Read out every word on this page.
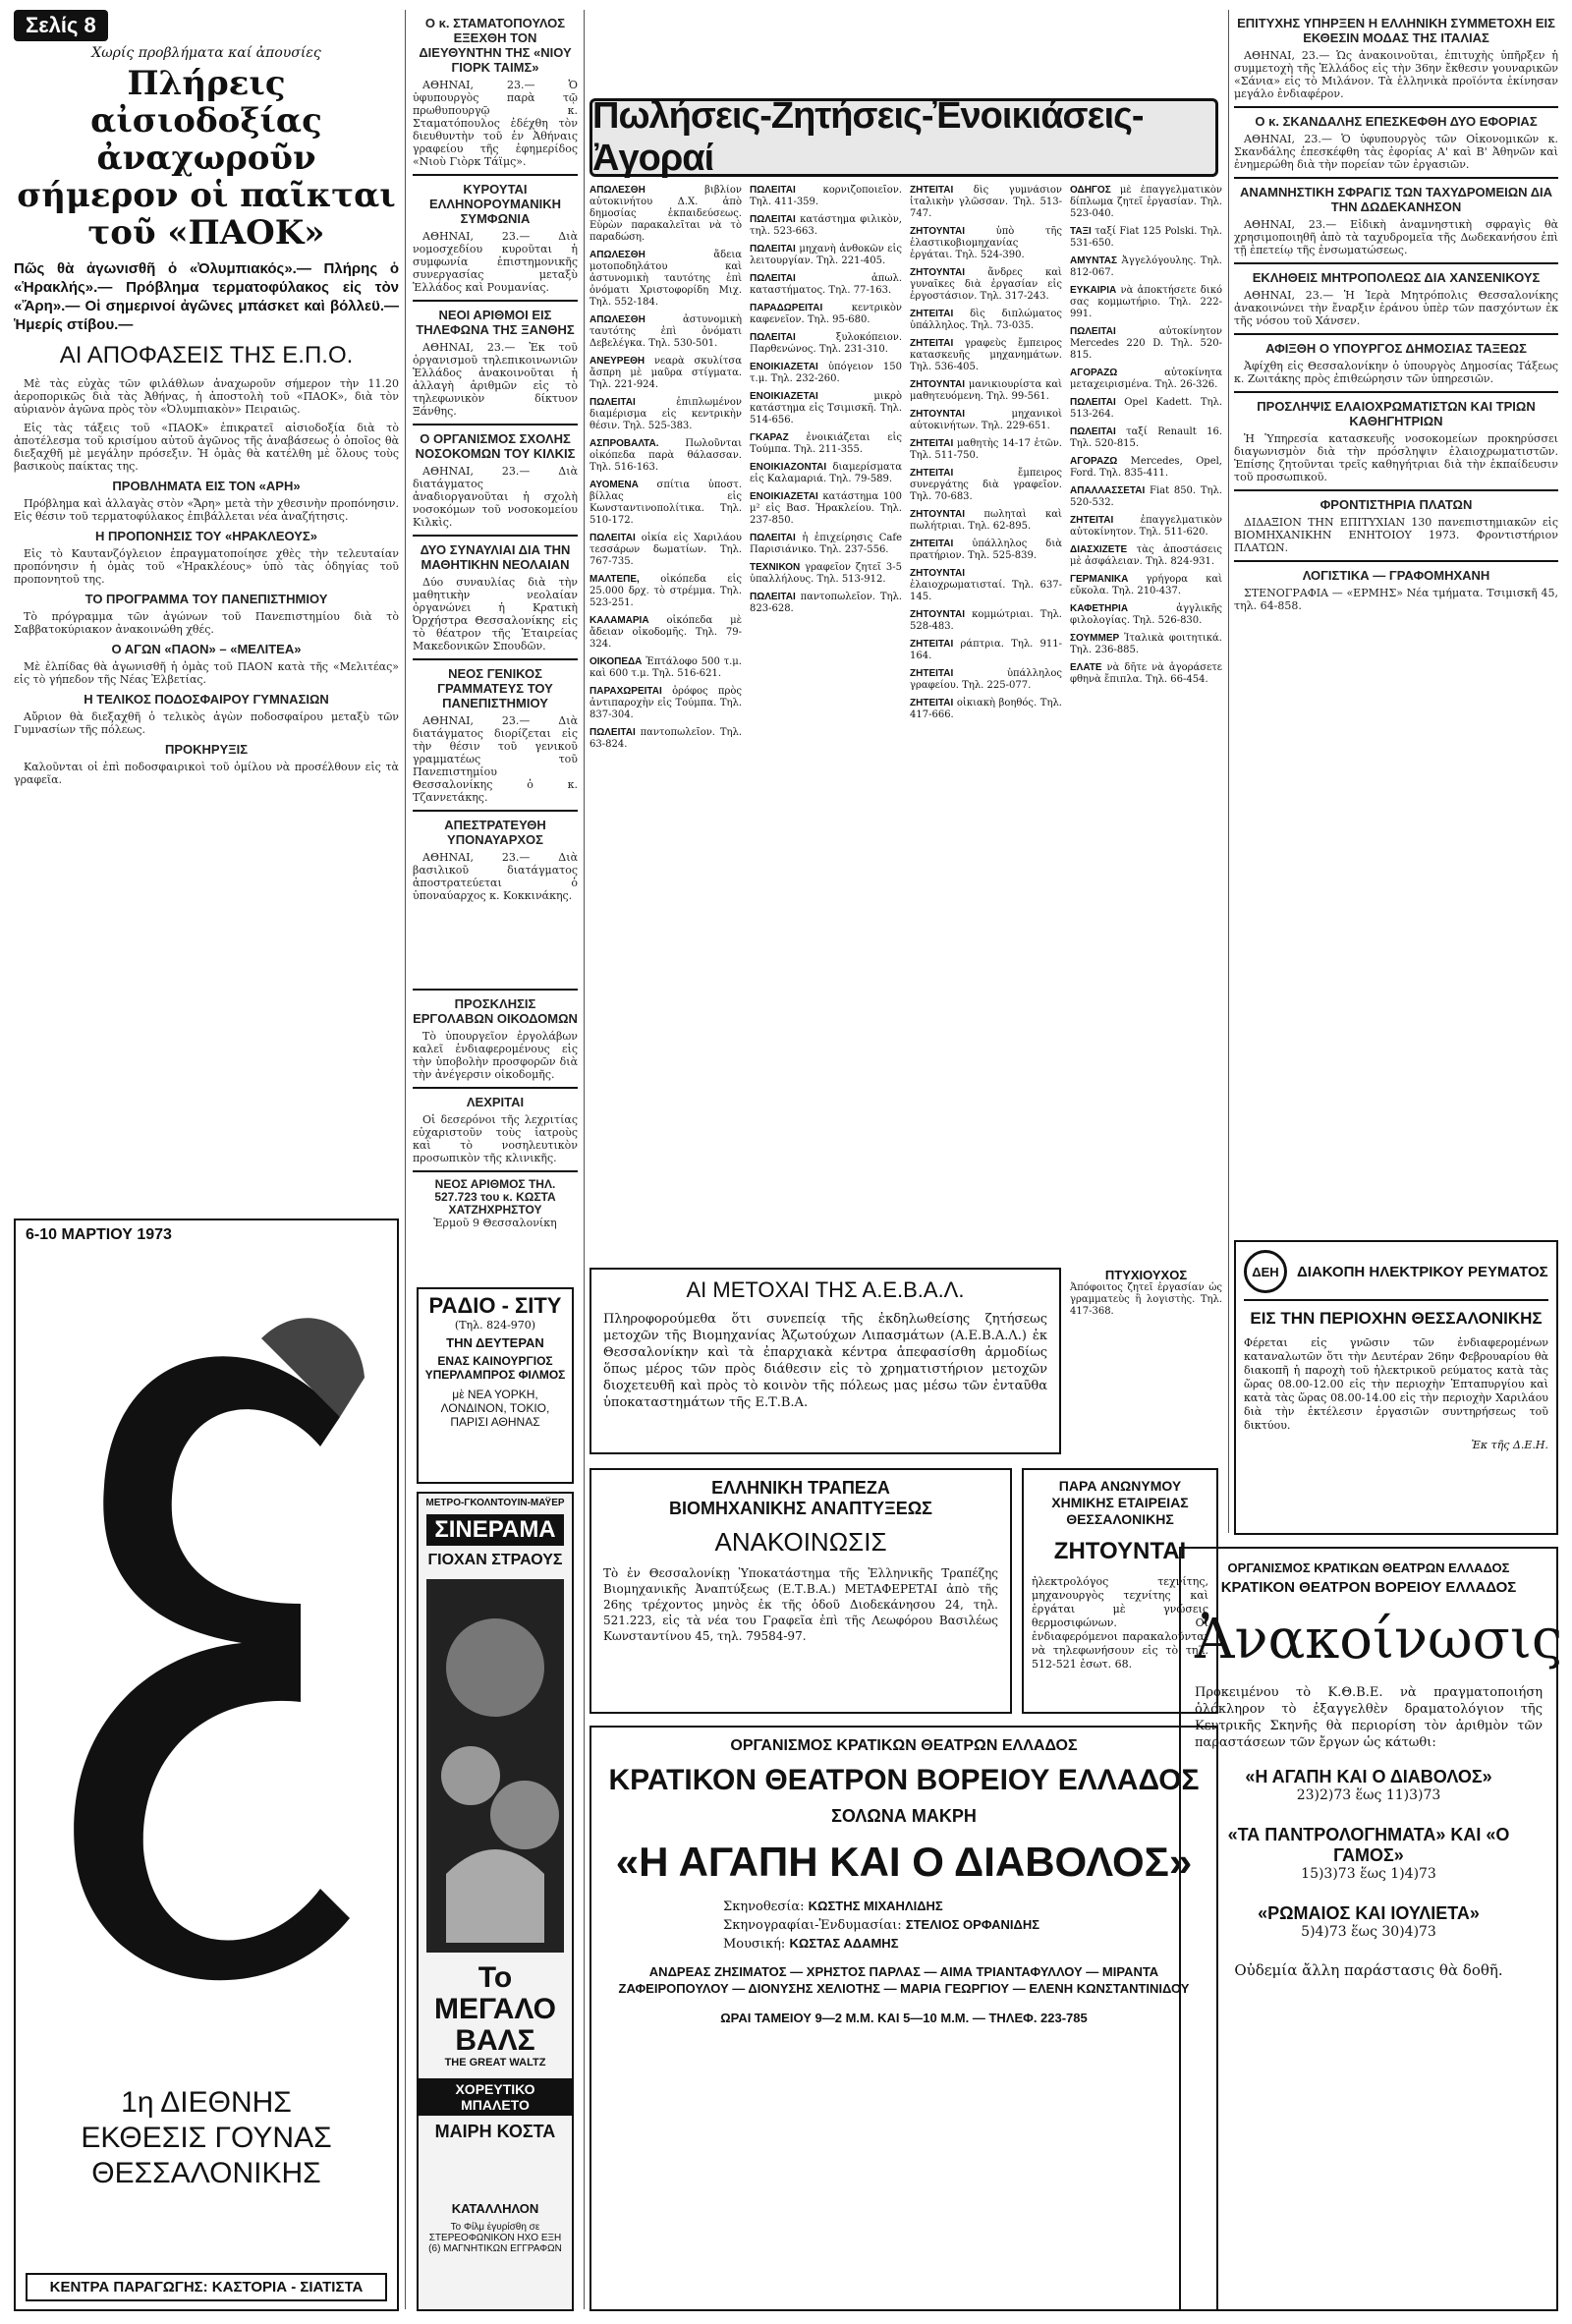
Σελίς 8
Χωρίς προβλήματα καί ἀπουσίες
Πλήρεις αἰσιοδοξίας ἀναχωροῦν σήμερον οἱ παῖκται τοῦ «ΠΑΟΚ»
Πῶς θὰ ἀγωνισθῆ ὁ «Ὀλυμπιακός».— Πλήρης ὁ «Ἡρακλής».— Πρόβλημα τερματοφύλακος εἰς τὸν «Ἄρη».— Οἱ σημερινοί ἀγῶνες μπάσκετ καὶ βόλλεϋ.— Ἡμερίς στίβου.—
ΑΙ ΑΠΟΦΑΣΕΙΣ ΤΗΣ Ε.Π.Ο.

Μὲ τὰς εὐχὰς τῶν φιλάθλων ἀναχωροῦν σήμερον τὴν 11.20 ἀεροπορικῶς διὰ τὰς Ἀθήνας, ἡ ἀποστολὴ τοῦ «ΠΑΟΚ», διὰ τὸν αὐριανὸν ἀγῶνα πρὸς τὸν «Ὀλυμπιακὸν» Πειραιῶς.

Εἰς τὰς τάξεις τοῦ «ΠΑΟΚ» ἐπικρατεῖ αἰσιοδοξία διὰ τὸ ἀποτέλεσμα τοῦ κρισίμου αὐτοῦ ἀγῶνος τῆς ἀναβάσεως ὁ ὁποῖος θὰ διεξαχθῆ μὲ μεγάλην πρόσεξιν. Ἡ ὁμὰς θὰ κατέλθη μὲ ὅλους τοὺς βασικοὺς παίκτας της.

ΠΡΟΒΛΗΜΑΤΑ ΕΙΣ ΤΟΝ «ΑΡΗ»

Πρόβλημα καὶ ἀλλαγὰς στὸν «Ἄρη» μετὰ τὴν χθεσινὴν προπόνησιν. Εἰς θέσιν τοῦ τερματοφύλακος ἐπιβάλλεται νέα ἀναζήτησις.

Η ΠΡΟΠΟΝΗΣΙΣ ΤΟΥ «ΗΡΑΚΛΕΟΥΣ»

Εἰς τὸ Καυτανζόγλειον ἐπραγματοποίησε χθὲς τὴν τελευταίαν προπόνησιν ἡ ὁμὰς τοῦ «Ἡρακλέους» ὑπὸ τὰς ὁδηγίας τοῦ προπονητοῦ της.

ΤΟ ΠΡΟΓΡΑΜΜΑ ΤΟΥ ΠΑΝΕΠΙΣΤΗΜΙΟΥ

Τὸ πρόγραμμα τῶν ἀγώνων τοῦ Πανεπιστημίου διὰ τὸ Σαββατοκύριακον ἀνακοινώθη χθές.

Ο ΑΓΩΝ «ΠΑΟΝ» – «ΜΕΛΙΤΕΑ»

Μὲ ἐλπίδας θὰ ἀγωνισθῆ ἡ ὁμὰς τοῦ ΠΑΟΝ κατὰ τῆς «Μελιτέας» εἰς τὸ γήπεδον τῆς Νέας Ἐλβετίας.

Η ΤΕΛΙΚΟΣ ΠΟΔΟΣΦΑΙΡΟΥ ΓΥΜΝΑΣΙΩΝ

Αὔριον θὰ διεξαχθῆ ὁ τελικὸς ἀγὼν ποδοσφαίρου μεταξὺ τῶν Γυμνασίων τῆς πόλεως.

ΠΡΟΚΗΡΥΞΙΣ

Καλοῦνται οἱ ἐπὶ ποδοσφαιρικοὶ τοῦ ὁμίλου νὰ προσέλθουν εἰς τὰ γραφεῖα.

6-10 ΜΑΡΤΙΟΥ 1973
1η ΔΙΕΘΝΗΣ ΕΚΘΕΣΙΣ ΓΟΥΝΑΣ ΘΕΣΣΑΛΟΝΙΚΗΣ
ΚΕΝΤΡΑ ΠΑΡΑΓΩΓΗΣ: ΚΑΣΤΟΡΙΑ - ΣΙΑΤΙΣΤΑ
Ο κ. ΣΤΑΜΑΤΟΠΟΥΛΟΣ ΕΞΕΧΘΗ ΤΟΝ ΔΙΕΥΘΥΝΤΗΝ ΤΗΣ «ΝΙΟΥ ΓΙΟΡΚ ΤΑΙΜΣ»

ΑΘΗΝΑΙ, 23.— Ὁ ὑφυπουργὸς παρὰ τῷ πρωθυπουργῷ κ. Σταματόπουλος ἐδέχθη τὸν διευθυντὴν τοῦ ἐν Ἀθήναις γραφείου τῆς ἐφημερίδος «Νιοὺ Γιὸρκ Τάϊμς».

ΚΥΡΟΥΤΑΙ ΕΛΛΗΝΟΡΟΥΜΑΝΙΚΗ ΣΥΜΦΩΝΙΑ

ΑΘΗΝΑΙ, 23.— Διὰ νομοσχεδίου κυροῦται ἡ συμφωνία ἐπιστημονικῆς συνεργασίας μεταξὺ Ἑλλάδος καὶ Ρουμανίας.

ΝΕΟΙ ΑΡΙΘΜΟΙ ΕΙΣ ΤΗΛΕΦΩΝΑ ΤΗΣ ΞΑΝΘΗΣ

ΑΘΗΝΑΙ, 23.— Ἐκ τοῦ ὀργανισμοῦ τηλεπικοινωνιῶν Ἑλλάδος ἀνακοινοῦται ἡ ἀλλαγὴ ἀριθμῶν εἰς τὸ τηλεφωνικὸν δίκτυον Ξάνθης.

Ο ΟΡΓΑΝΙΣΜΟΣ ΣΧΟΛΗΣ ΝΟΣΟΚΟΜΩΝ ΤΟΥ ΚΙΛΚΙΣ

ΑΘΗΝΑΙ, 23.— Διὰ διατάγματος ἀναδιοργανοῦται ἡ σχολὴ νοσοκόμων τοῦ νοσοκομείου Κιλκὶς.

ΔΥΟ ΣΥΝΑΥΛΙΑΙ ΔΙΑ ΤΗΝ ΜΑΘΗΤΙΚΗΝ ΝΕΟΛΑΙΑΝ

Δύο συναυλίας διὰ τὴν μαθητικὴν νεολαίαν ὀργανώνει ἡ Κρατικὴ Ὀρχήστρα Θεσσαλονίκης εἰς τὸ θέατρον τῆς Ἑταιρείας Μακεδονικῶν Σπουδῶν.

ΝΕΟΣ ΓΕΝΙΚΟΣ ΓΡΑΜΜΑΤΕΥΣ ΤΟΥ ΠΑΝΕΠΙΣΤΗΜΙΟΥ

ΑΘΗΝΑΙ, 23.— Διὰ διατάγματος διορίζεται εἰς τὴν θέσιν τοῦ γενικοῦ γραμματέως τοῦ Πανεπιστημίου Θεσσαλονίκης ὁ κ. Τζαννετάκης.

ΑΠΕΣΤΡΑΤΕΥΘΗ ΥΠΟΝΑΥΑΡΧΟΣ

ΑΘΗΝΑΙ, 23.— Διὰ βασιλικοῦ διατάγματος ἀποστρατεύεται ὁ ὑποναύαρχος κ. Κοκκινάκης.

ΠΡΟΣΚΛΗΣΙΣ ΕΡΓΟΛΑΒΩΝ ΟΙΚΟΔΟΜΩΝ

Τὸ ὑπουργεῖον ἐργολάβων καλεῖ ἐνδιαφερομένους εἰς τὴν ὑποβολὴν προσφορῶν διὰ τὴν ἀνέγερσιν οἰκοδομῆς.

ΛΕΧΡΙΤΑΙ

Οἱ δεσερόνοι τῆς λεχριτίας εὐχαριστοῦν τοὺς ἰατροὺς καὶ τὸ νοσηλευτικὸν προσωπικὸν τῆς κλινικῆς.

ΝΕΟΣ ΑΡΙΘΜΟΣ ΤΗΛ. 527.723 του κ. ΚΩΣΤΑ ΧΑΤΖΗΧΡΗΣΤΟΥ
Ἑρμοῦ 9 Θεσσαλονίκη
ΡΑΔΙΟ - ΣΙΤΥ
(Τηλ. 824-970)
ΤΗΝ ΔΕΥΤΕΡΑΝ
ΕΝΑΣ ΚΑΙΝΟΥΡΓΙΟΣ ΥΠΕΡΛΑΜΠΡΟΣ ΦΙΛΜΟΣ
μὲ ΝΕΑ ΥΟΡΚΗ, ΛΟΝΔΙΝΟΝ, ΤΟΚΙΟ, ΠΑΡΙΣΙ ΑΘΗΝΑΣ
ΜΕΤΡΟ-ΓΚΟΛΝΤΟΥΙΝ-ΜΑΫΕΡ
ΣΙΝΕΡΑΜΑ
ΓΙΟΧΑΝ ΣΤΡΑΟΥΣ
Το ΜΕΓΑΛΟ ΒΑΛΣ
THE GREAT WALTZ
ΧΟΡΕΥΤΙΚΟ ΜΠΑΛΕΤΟ
ΜΑΙΡΗ ΚΟΣΤΑ
ΚΑΤΑΛΛΗΛΟΝ
Το Φίλμ ἐγυρίσθη σε ΣΤΕΡΕΟΦΩΝΙΚΟΝ ΗΧΟ ΕΞΗ (6) ΜΑΓΝΗΤΙΚΩΝ ΕΓΓΡΑΦΩΝ
Πωλήσεις-Ζητήσεις-Ἐνοικιάσεις-Ἀγοραί
ΑΠΩΛΕΣΘΗ	βιβλίον αὐτοκινήτου Δ.Χ. ἀπὸ δημοσίας ἐκπαιδεύσεως. Εὑρὼν παρακαλεῖται νὰ τὸ παραδώση.
ΑΠΩΛΕΣΘΗ	ἄδεια μοτοποδηλάτου καὶ ἀστυνομικὴ ταυτότης ἐπὶ ὀνόματι Χριστοφορίδη Μιχ. Τηλ. 552-184.
ΑΠΩΛΕΣΘΗ	ἀστυνομικὴ ταυτότης ἐπὶ ὀνόματι Δεβελέγκα. Τηλ. 530-501.
ΑΝΕΥΡΕΘΗ νεαρὰ σκυλίτσα ἄσπρη μὲ μαῦρα στίγματα. Τηλ. 221-924.
ΠΩΛΕΙΤΑΙ	ἐπιπλωμένον διαμέρισμα εἰς κεντρικὴν θέσιν. Τηλ. 525-383.
ΑΣΠΡΟΒΑΛΤΑ.	Πωλοῦνται οἰκόπεδα παρὰ θάλασσαν. Τηλ. 516-163.
ΑΥΟΜΕΝΑ σπίτια ὑποστ. βίλλας εἰς Κωνσταντινοπολίτικα. Τηλ. 510-172.
ΠΩΛΕΙΤΑΙ οἰκία εἰς Χαριλάου τεσσάρων δωματίων. Τηλ. 767-735.
ΜΑΛΤΕΠΕ, οἰκόπεδα εἰς 25.000 δρχ. τὸ στρέμμα. Τηλ. 523-251.
ΚΑΛΑΜΑΡΙΑ οἰκόπεδα μὲ ἄδειαν οἰκοδομῆς. Τηλ. 79-324.
ΟΙΚΟΠΕΔΑ Ἐπτάλοφο 500 τ.μ. καὶ 600 τ.μ. Τηλ. 516-621.
ΠΑΡΑΧΩΡΕΙΤΑΙ ὁρόφος πρὸς ἀντιπαροχὴν εἰς Τούμπα. Τηλ. 837-304.
ΠΩΛΕΙΤΑΙ παντοπωλεῖον. Τηλ. 63-824.
ΠΩΛΕΙΤΑΙ	κορνιζοποιεῖον. Τηλ. 411-359.
ΠΩΛΕΙΤΑΙ κατάστημα φιλικὸν, τηλ. 523-663.
ΠΩΛΕΙΤΑΙ μηχανὴ ἀνθοκῶν εἰς λειτουργίαν. Τηλ. 221-405.
ΠΩΛΕΙΤΑΙ	ἀπωλ. καταστήματος. Τηλ. 77-163.
ΠΑΡΑΔΩΡΕΙΤΑΙ	κεντρικὸν καφενεῖον. Τηλ. 95-680.
ΠΩΛΕΙΤΑΙ	ξυλοκόπειον. Παρθενώνος. Τηλ. 231-310.
ΕΝΟΙΚΙΑΖΕΤΑΙ ὑπόγειον 150 τ.μ. Τηλ. 232-260.
ΕΝΟΙΚΙΑΖΕΤΑΙ	μικρὸ κατάστημα εἰς Τσιμισκῆ. Τηλ. 514-656.
ΓΚΑΡΑΖ ἐνοικιάζεται εἰς Τούμπα. Τηλ. 211-355.
ΕΝΟΙΚΙΑΖΟΝΤΑΙ διαμερίσματα εἰς Καλαμαριά. Τηλ. 79-589.
ΕΝΟΙΚΙΑΖΕΤΑΙ κατάστημα 100 μ² εἰς Βασ. Ἠρακλείου. Τηλ. 237-850.
ΠΩΛΕΙΤΑΙ ἡ ἐπιχείρησις Cafe Παρισιάνικο. Τηλ. 237-556.
ΤΕΧΝΙΚΟΝ γραφεῖον ζητεῖ 3-5 ὑπαλλήλους. Τηλ. 513-912.
ΠΩΛΕΙΤΑΙ παντοπωλεῖον. Τηλ. 823-628.
ΖΗΤΕΙΤΑΙ δὶς γυμνάσιον ἰταλικὴν γλῶσσαν. Τηλ. 513-747.
ΖΗΤΟΥΝΤΑΙ	ὑπὸ τῆς ἐλαστικοβιομηχανίας ἐργάται. Τηλ. 524-390.
ΖΗΤΟΥΝΤΑΙ ἄνδρες καὶ γυναῖκες διὰ ἐργασίαν εἰς ἐργοστάσιον. Τηλ. 317-243.
ΖΗΤΕΙΤΑΙ δὶς διπλώματος ὑπάλληλος. Τηλ. 73-035.
ΖΗΤΕΙΤΑΙ γραφεὺς ἔμπειρος κατασκευῆς μηχανημάτων. Τηλ. 536-405.
ΖΗΤΟΥΝΤΑΙ μανικιουρίστα καὶ μαθητευόμενη. Τηλ. 99-561.
ΖΗΤΟΥΝΤΑΙ	μηχανικοὶ αὐτοκινήτων. Τηλ. 229-651.
ΖΗΤΕΙΤΑΙ μαθητὴς 14-17 ἐτῶν. Τηλ. 511-750.
ΖΗΤΕΙΤΑΙ	ἔμπειρος συνεργάτης διὰ γραφεῖον. Τηλ. 70-683.
ΖΗΤΟΥΝΤΑΙ πωληταὶ καὶ πωλήτριαι. Τηλ. 62-895.
ΖΗΤΕΙΤΑΙ ὑπάλληλος διὰ πρατήριον. Τηλ. 525-839.
ΖΗΤΟΥΝΤΑΙ ἐλαιοχρωματισταί. Τηλ. 637-145.
ΖΗΤΟΥΝΤΑΙ κομμώτριαι. Τηλ. 528-483.
ΖΗΤΕΙΤΑΙ ράπτρια. Τηλ. 911-164.
ΖΗΤΕΙΤΑΙ	ὑπάλληλος γραφείου. Τηλ. 225-077.
ΖΗΤΕΙΤΑΙ οἰκιακὴ βοηθός. Τηλ. 417-666.
ΟΔΗΓΟΣ μὲ ἐπαγγελματικὸν δίπλωμα ζητεῖ ἐργασίαν. Τηλ. 523-040.
ΤΑΞΙ ταξί Fiat 125 Polski. Τηλ. 531-650.
ΑΜΥΝΤΑΣ Ἀγγελόγουλης. Τηλ. 812-067.
ΕΥΚΑΙΡΙΑ νὰ ἀποκτήσετε δικό σας κομμωτήριο. Τηλ. 222-991.
ΠΩΛΕΙΤΑΙ	αὐτοκίνητον Mercedes 220 D. Τηλ. 520-815.
ΑΓΟΡΑΖΩ	αὐτοκίνητα μεταχειρισμένα. Τηλ. 26-326.
ΠΩΛΕΙΤΑΙ Opel Kadett. Τηλ. 513-264.
ΠΩΛΕΙΤΑΙ ταξί Renault 16. Τηλ. 520-815.
ΑΓΟΡΑΖΩ Mercedes, Opel, Ford. Τηλ. 835-411.
ΑΠΑΛΛΑΣΣΕΤΑΙ Fiat 850. Τηλ. 520-532.
ΖΗΤΕΙΤΑΙ	ἐπαγγελματικὸν αὐτοκίνητον. Τηλ. 511-620.
ΔΙΑΣΧΙΖΕΤΕ τὰς ἀποστάσεις μὲ ἀσφάλειαν. Τηλ. 824-931.
ΓΕΡΜΑΝΙΚΑ γρήγορα καὶ εὔκολα. Τηλ. 210-437.
ΚΑΦΕΤΗΡΙΑ	ἀγγλικῆς φιλολογίας. Τηλ. 526-830.
ΣΟΥΜΜΕΡ Ἰταλικὰ φοιτητικά. Τηλ. 236-885.
ΕΛΑΤΕ νὰ δῆτε νὰ ἀγοράσετε φθηνὰ ἔπιπλα. Τηλ. 66-454.
ΑΙ ΜΕΤΟΧΑΙ ΤΗΣ Α.Ε.Β.Α.Λ.
Πληροφορούμεθα ὅτι συνεπείᾳ τῆς ἐκδηλωθείσης ζητήσεως μετοχῶν τῆς Βιομηχανίας Ἀζωτούχων Λιπασμάτων (Α.Ε.Β.Α.Λ.) ἐκ Θεσσαλονίκην καὶ τὰ ἐπαρχιακὰ κέντρα ἀπεφασίσθη ἀρμοδίως ὅπως μέρος τῶν πρὸς διάθεσιν εἰς τὸ χρηματιστήριον μετοχῶν διοχετευθῆ καὶ πρὸς τὸ κοινὸν τῆς πόλεως μας μέσω τῶν ἐνταῦθα ὑποκαταστημάτων τῆς Ε.Τ.Β.Α.
ΕΛΛΗΝΙΚΗ ΤΡΑΠΕΖΑ
ΒΙΟΜΗΧΑΝΙΚΗΣ ΑΝΑΠΤΥΞΕΩΣ
ΑΝΑΚΟΙΝΩΣΙΣ
Τὸ ἐν Θεσσαλονίκῃ Ὑποκατάστημα τῆς Ἑλληνικῆς Τραπέζης Βιομηχανικῆς Ἀναπτύξεως (Ε.Τ.Β.Α.) ΜΕΤΑΦΕΡΕΤΑΙ ἀπὸ τῆς 26ης τρέχοντος μηνὸς ἐκ τῆς ὁδοῦ Διοδεκάνησου 24, τηλ. 521.223, εἰς τὰ νέα του Γραφεῖα ἐπὶ τῆς Λεωφόρου Βασιλέως Κωνσταντίνου 45, τηλ. 79584-97.
ΠΑΡΑ ΑΝΩΝΥΜΟΥ ΧΗΜΙΚΗΣ ΕΤΑΙΡΕΙΑΣ ΘΕΣΣΑΛΟΝΙΚΗΣ
ΖΗΤΟΥΝΤΑΙ
ἠλεκτρολόγος τεχνίτης, μηχανουργὸς τεχνίτης καὶ ἐργάται μὲ γνώσεις θερμοσιφώνων. Οἱ ἐνδιαφερόμενοι παρακαλοῦνται νὰ τηλεφωνήσουν εἰς τὸ τηλ. 512-521 ἐσωτ. 68.
ΠΤΥΧΙΟΥΧΟΣ
Ἀπόφοιτος ζητεῖ ἐργασίαν ὡς γραμματεὺς ἢ λογιστὴς. Τηλ. 417-368.
ΟΡΓΑΝΙΣΜΟΣ ΚΡΑΤΙΚΩΝ ΘΕΑΤΡΩΝ ΕΛΛΑΔΟΣ
ΚΡΑΤΙΚΟΝ ΘΕΑΤΡΟΝ ΒΟΡΕΙΟΥ ΕΛΛΑΔΟΣ
ΣΟΛΩΝΑ ΜΑΚΡΗ
«Η ΑΓΑΠΗ ΚΑΙ Ο ΔΙΑΒΟΛΟΣ»
Σκηνοθεσία: ΚΩΣΤΗΣ ΜΙΧΑΗΛΙΔΗΣ
Σκηνογραφίαι-Ἐνδυμασίαι: ΣΤΕΛΙΟΣ ΟΡΦΑΝΙΔΗΣ
Μουσική: ΚΩΣΤΑΣ ΑΔΑΜΗΣ
ΑΝΔΡΕΑΣ ΖΗΣΙΜΑΤΟΣ — ΧΡΗΣΤΟΣ ΠΑΡΛΑΣ — ΑΙΜΑ ΤΡΙΑΝΤΑΦΥΛΛΟΥ — ΜΙΡΑΝΤΑ ΖΑΦΕΙΡΟΠΟΥΛΟΥ — ΔΙΟΝΥΣΗΣ ΧΕΛΙΟΤΗΣ — ΜΑΡΙΑ ΓΕΩΡΓΙΟΥ — ΕΛΕΝΗ ΚΩΝΣΤΑΝΤΙΝΙΔΟΥ
ΩΡΑΙ ΤΑΜΕΙΟΥ 9—2 Μ.Μ. ΚΑΙ 5—10 Μ.Μ. — ΤΗΛΕΦ. 223-785
ΕΠΙΤΥΧΗΣ ΥΠΗΡΞΕΝ Η ΕΛΛΗΝΙΚΗ ΣΥΜΜΕΤΟΧΗ ΕΙΣ ΕΚΘΕΣΙΝ ΜΟΔΑΣ ΤΗΣ ΙΤΑΛΙΑΣ

ΑΘΗΝΑΙ, 23.— Ὡς ἀνακοινοῦται, ἐπιτυχὴς ὑπῆρξεν ἡ συμμετοχὴ τῆς Ἑλλάδος εἰς τὴν 36ην ἔκθεσιν γουναρικῶν «Σάνια» εἰς τὸ Μιλάνον. Τὰ ἑλληνικὰ προϊόντα ἐκίνησαν μεγάλο ἐνδιαφέρον.

Ο κ. ΣΚΑΝΔΑΛΗΣ ΕΠΕΣΚΕΦΘΗ ΔΥΟ ΕΦΟΡΙΑΣ

ΑΘΗΝΑΙ, 23.— Ὁ ὑφυπουργὸς τῶν Οἰκονομικῶν κ. Σκανδάλης ἐπεσκέφθη τὰς ἐφορίας Α' καὶ Β' Ἀθηνῶν καὶ ἐνημερώθη διὰ τὴν πορείαν τῶν ἐργασιῶν.

ΑΝΑΜΝΗΣΤΙΚΗ ΣΦΡΑΓΙΣ ΤΩΝ ΤΑΧΥΔΡΟΜΕΙΩΝ ΔΙΑ ΤΗΝ ΔΩΔΕΚΑΝΗΣΟΝ

ΑΘΗΝΑΙ, 23.— Εἰδικὴ ἀναμνηστικὴ σφραγὶς θὰ χρησιμοποιηθῆ ἀπὸ τὰ ταχυδρομεῖα τῆς Δωδεκανήσου ἐπὶ τῇ ἐπετείῳ τῆς ἐνσωματώσεως.

ΕΚΛΗΘΕΙΣ ΜΗΤΡΟΠΟΛΕΩΣ ΔΙΑ ΧΑΝΣΕΝΙΚΟΥΣ

ΑΘΗΝΑΙ, 23.— Ἡ Ἱερὰ Μητρόπολις Θεσσαλονίκης ἀνακοινώνει τὴν ἔναρξιν ἐράνου ὑπὲρ τῶν πασχόντων ἐκ τῆς νόσου τοῦ Χάνσεν.

ΑΦΙΞΘΗ Ο ΥΠΟΥΡΓΟΣ ΔΗΜΟΣΙΑΣ ΤΑΞΕΩΣ

Ἀφίχθη εἰς Θεσσαλονίκην ὁ ὑπουργὸς Δημοσίας Τάξεως κ. Ζωιτάκης πρὸς ἐπιθεώρησιν τῶν ὑπηρεσιῶν.

ΠΡΟΣΛΗΨΙΣ ΕΛΑΙΟΧΡΩΜΑΤΙΣΤΩΝ ΚΑΙ ΤΡΙΩΝ ΚΑΘΗΓΗΤΡΙΩΝ

Ἡ Ὑπηρεσία κατασκευῆς νοσοκομείων προκηρύσσει διαγωνισμὸν διὰ τὴν πρόσληψιν ἐλαιοχρωματιστῶν. Ἐπίσης ζητοῦνται τρεῖς καθηγήτριαι διὰ τὴν ἐκπαίδευσιν τοῦ προσωπικοῦ.

ΦΡΟΝΤΙΣΤΗΡΙΑ ΠΛΑΤΩΝ

ΔΙΔΑΞΙΟΝ ΤΗΝ ΕΠΙΤΥΧΙΑΝ 130 πανεπιστημιακῶν εἰς ΒΙΟΜΗΧΑΝΙΚΗΝ ΕΝΗΤΟΙΟΥ 1973. Φροντιστήριον ΠΛΑΤΩΝ.

ΛΟΓΙΣΤΙΚΑ — ΓΡΑΦΟΜΗΧΑΝΗ

ΣΤΕΝΟΓΡΑΦΙΑ — «ΕΡΜΗΣ» Νέα τμήματα. Τσιμισκῆ 45, τηλ. 64-858.

ΔΕΗ	ΔΙΑΚΟΠΗ ΗΛΕΚΤΡΙΚΟΥ ΡΕΥΜΑΤΟΣ
ΕΙΣ ΤΗΝ ΠΕΡΙΟΧΗΝ ΘΕΣΣΑΛΟΝΙΚΗΣ
Φέρεται εἰς γνῶσιν τῶν ἐνδιαφερομένων καταναλωτῶν ὅτι τὴν Δευτέραν 26ην Φεβρουαρίου θὰ διακοπῆ ἡ παροχὴ τοῦ ἠλεκτρικοῦ ρεύματος κατὰ τὰς ὥρας 08.00-12.00 εἰς τὴν περιοχὴν Ἐπταπυργίου καὶ κατὰ τὰς ὥρας 08.00-14.00 εἰς τὴν περιοχὴν Χαριλάου διὰ τὴν ἐκτέλεσιν ἐργασιῶν συντηρήσεως τοῦ δικτύου.
Ἐκ τῆς Δ.Ε.Η.
ΟΡΓΑΝΙΣΜΟΣ ΚΡΑΤΙΚΩΝ ΘΕΑΤΡΩΝ ΕΛΛΑΔΟΣ
ΚΡΑΤΙΚΟΝ ΘΕΑΤΡΟΝ ΒΟΡΕΙΟΥ ΕΛΛΑΔΟΣ
Ἀνακοίνωσις
Προκειμένου τὸ Κ.Θ.Β.Ε. νὰ πραγματοποιήση ὁλόκληρον τὸ ἐξαγγελθὲν δραματολόγιον τῆς Κεντρικῆς Σκηνῆς θὰ περιορίση τὸν ἀριθμὸν τῶν παραστάσεων τῶν ἔργων ὡς κάτωθι:
«Η ΑΓΑΠΗ ΚΑΙ Ο ΔΙΑΒΟΛΟΣ»
23)2)73 ἕως 11)3)73
«ΤΑ ΠΑΝΤΡΟΛΟΓΗΜΑΤΑ» ΚΑΙ «Ο ΓΑΜΟΣ»
15)3)73 ἕως 1)4)73
«ΡΩΜΑΙΟΣ ΚΑΙ ΙΟΥΛΙΕΤΑ»
5)4)73 ἕως 30)4)73
Οὐδεμία ἄλλη παράστασις θὰ δοθῆ.
